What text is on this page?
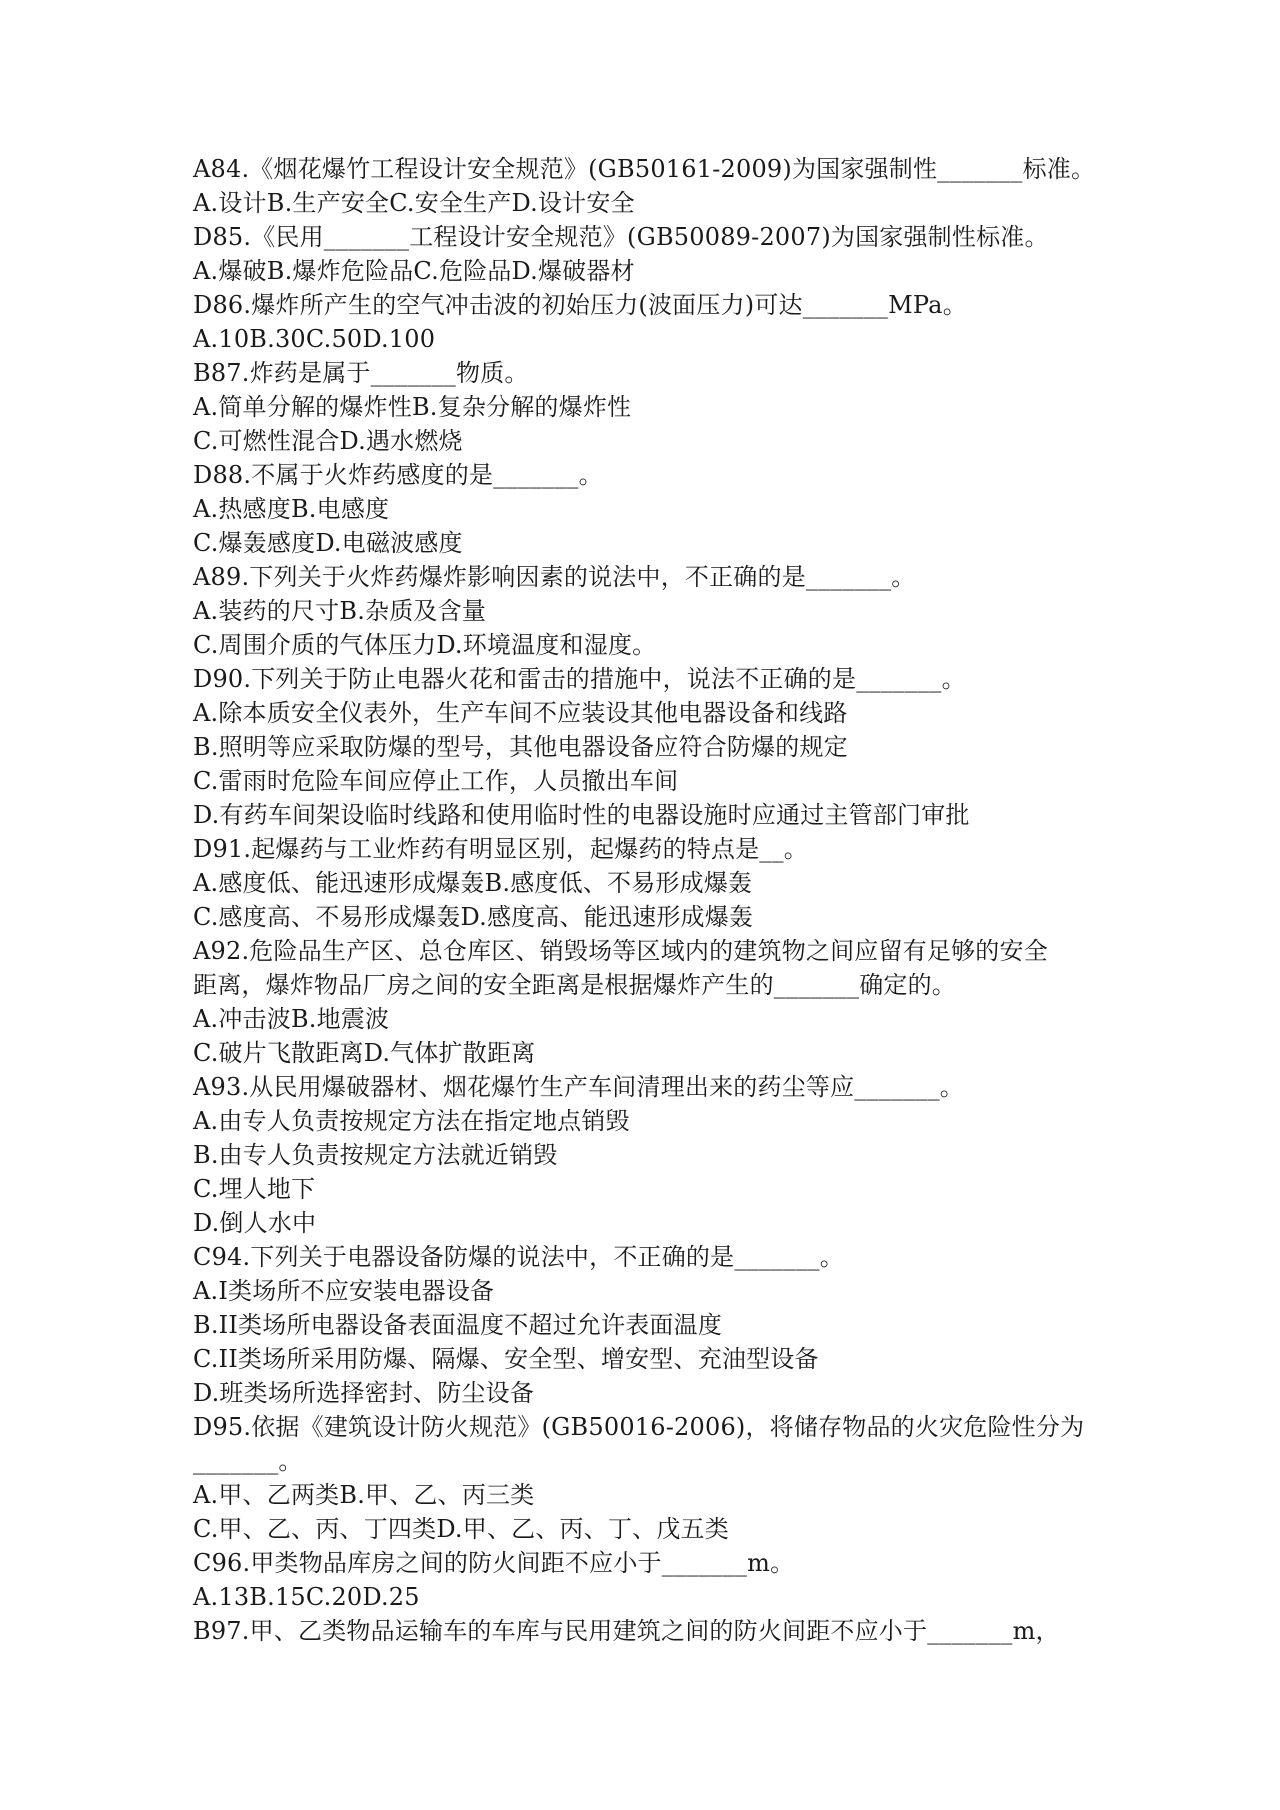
A84.《烟花爆竹工程设计安全规范》(GB50161-2009)为国家强制性_______标准。
A.设计B.生产安全C.安全生产D.设计安全
D85.《民用_______工程设计安全规范》(GB50089-2007)为国家强制性标准。
A.爆破B.爆炸危险品C.危险品D.爆破器材
D86.爆炸所产生的空气冲击波的初始压力(波面压力)可达_______MPa。
A.10B.30C.50D.100
B87.炸药是属于_______物质。
A.简单分解的爆炸性B.复杂分解的爆炸性
C.可燃性混合D.遇水燃烧
D88.不属于火炸药感度的是_______。
A.热感度B.电感度
C.爆轰感度D.电磁波感度
A89.下列关于火炸药爆炸影响因素的说法中，不正确的是_______。
A.装药的尺寸B.杂质及含量
C.周围介质的气体压力D.环境温度和湿度。
D90.下列关于防止电器火花和雷击的措施中，说法不正确的是_______。
A.除本质安全仪表外，生产车间不应装设其他电器设备和线路
B.照明等应采取防爆的型号，其他电器设备应符合防爆的规定
C.雷雨时危险车间应停止工作，人员撤出车间
D.有药车间架设临时线路和使用临时性的电器设施时应通过主管部门审批
D91.起爆药与工业炸药有明显区别，起爆药的特点是__。
A.感度低、能迅速形成爆轰B.感度低、不易形成爆轰
C.感度高、不易形成爆轰D.感度高、能迅速形成爆轰
A92.危险品生产区、总仓库区、销毁场等区域内的建筑物之间应留有足够的安全
距离，爆炸物品厂房之间的安全距离是根据爆炸产生的_______确定的。
A.冲击波B.地震波
C.破片飞散距离D.气体扩散距离
A93.从民用爆破器材、烟花爆竹生产车间清理出来的药尘等应_______。
A.由专人负责按规定方法在指定地点销毁
B.由专人负责按规定方法就近销毁
C.埋人地下
D.倒人水中
C94.下列关于电器设备防爆的说法中，不正确的是_______。
A.I类场所不应安装电器设备
B.II类场所电器设备表面温度不超过允许表面温度
C.II类场所采用防爆、隔爆、安全型、增安型、充油型设备
D.班类场所选择密封、防尘设备
D95.依据《建筑设计防火规范》(GB50016-2006)，将储存物品的火灾危险性分为
_______。
A.甲、乙两类B.甲、乙、丙三类
C.甲、乙、丙、丁四类D.甲、乙、丙、丁、戊五类
C96.甲类物品库房之间的防火间距不应小于_______m。
A.13B.15C.20D.25
B97.甲、乙类物品运输车的车库与民用建筑之间的防火间距不应小于_______m，
